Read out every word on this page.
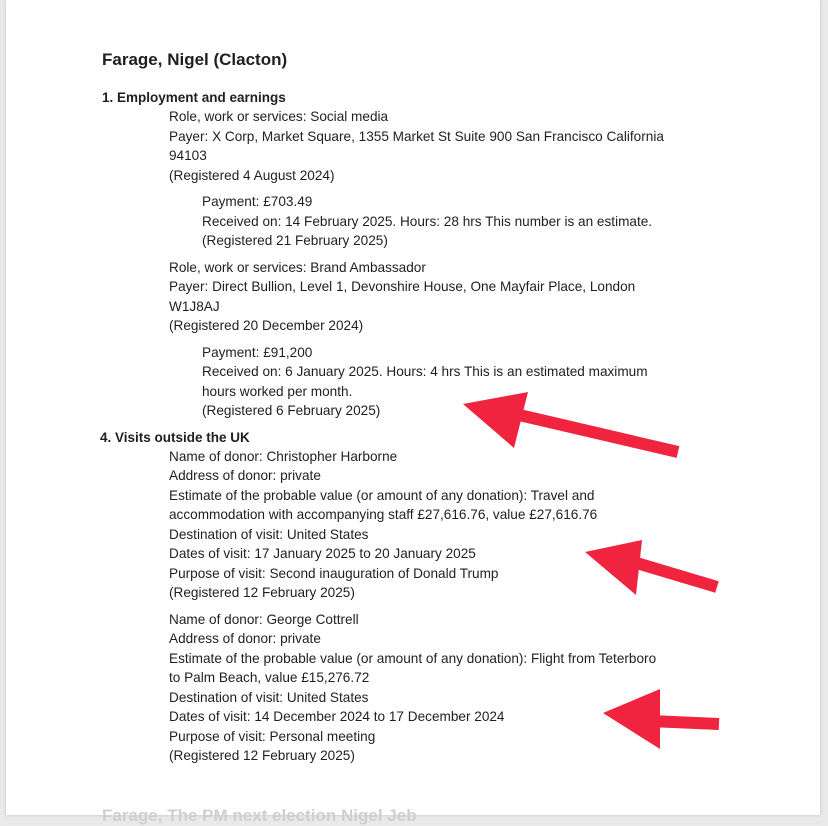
Farage, Nigel (Clacton)
1. Employment and earnings
Role, work or services: Social media
Payer: X Corp, Market Square, 1355 Market St Suite 900 San Francisco California
94103
(Registered 4 August 2024)
Payment: £703.49
Received on: 14 February 2025. Hours: 28 hrs This number is an estimate.
(Registered 21 February 2025)
Role, work or services: Brand Ambassador
Payer: Direct Bullion, Level 1, Devonshire House, One Mayfair Place, London
W1J8AJ
(Registered 20 December 2024)
Payment: £91,200
Received on: 6 January 2025. Hours: 4 hrs This is an estimated maximum
hours worked per month.
(Registered 6 February 2025)
4. Visits outside the UK
Name of donor: Christopher Harborne
Address of donor: private
Estimate of the probable value (or amount of any donation): Travel and
accommodation with accompanying staff £27,616.76, value £27,616.76
Destination of visit: United States
Dates of visit: 17 January 2025 to 20 January 2025
Purpose of visit: Second inauguration of Donald Trump
(Registered 12 February 2025)
Name of donor: George Cottrell
Address of donor: private
Estimate of the probable value (or amount of any donation): Flight from Teterboro
to Palm Beach, value £15,276.72
Destination of visit: United States
Dates of visit: 14 December 2024 to 17 December 2024
Purpose of visit: Personal meeting
(Registered 12 February 2025)
Farage, The PM next election Nigel Jeb
